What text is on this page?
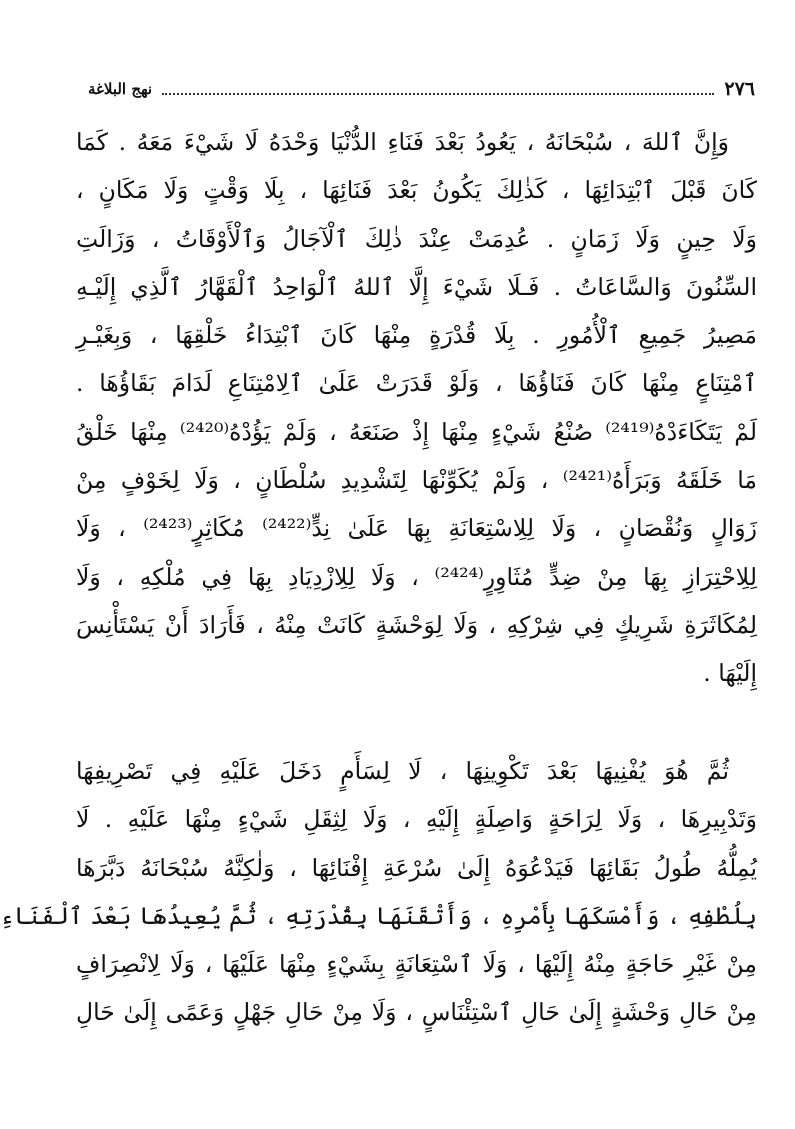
٢٧٦
نهج البلاغة
وَإِنَّ ٱللهَ ، سُبْحَانَهُ ، يَعُودُ بَعْدَ فَنَاءِ الدُّنْيَا وَحْدَهُ لَا شَيْءَ مَعَهُ . كَمَا
كَانَ قَبْلَ ٱبْتِدَائِهَا ، كَذٰلِكَ يَكُونُ بَعْدَ فَنَائِهَا ، بِلَا وَقْتٍ وَلَا مَكَانٍ ،
وَلَا حِينٍ وَلَا زَمَانٍ . عُدِمَتْ عِنْدَ ذٰلِكَ ٱلْآجَالُ وَٱلْأَوْقَاتُ ، وَزَالَتِ
السِّنُونَ وَالسَّاعَاتُ . فَـلَا شَيْءَ إِلَّا ٱللهُ ٱلْوَاحِدُ ٱلْقَهَّارُ ٱلَّذِي إِلَيْـهِ
مَصِيرُ جَمِيعِ ٱلْأُمُورِ . بِلَا قُدْرَةٍ مِنْهَا كَانَ ٱبْتِدَاءُ خَلْقِهَا ، وَبِغَيْـرِ
ٱمْتِنَاعٍ مِنْهَا كَانَ فَنَاؤُهَا ، وَلَوْ قَدَرَتْ عَلَىٰ ٱلِامْتِنَاعِ لَدَامَ بَقَاؤُهَا .
لَمْ يَتَكَاءَدْهُ⁽²⁴¹⁹⁾ صُنْعُ شَيْءٍ مِنْهَا إِذْ صَنَعَهُ ، وَلَمْ يَؤُدْهُ⁽²⁴²⁰⁾ مِنْهَا خَلْقُ
مَا خَلَقَهُ وَبَرَأَهُ⁽²⁴²¹⁾ ، وَلَمْ يُكَوِّنْهَا لِتَشْدِيدِ سُلْطَانٍ ، وَلَا لِخَوْفٍ مِنْ
زَوَالٍ وَنُقْصَانٍ ، وَلَا لِلِاسْتِعَانَةِ بِهَا عَلَىٰ نِدٍّ⁽²⁴²²⁾ مُكَاثِرٍ⁽²⁴²³⁾ ، وَلَا
لِلِاحْتِرَازِ بِهَا مِنْ ضِدٍّ مُثَاوِرٍ⁽²⁴²⁴⁾ ، وَلَا لِلِازْدِيَادِ بِهَا فِي مُلْكِهِ ، وَلَا
لِمُكَاثَرَةِ شَرِيكٍ فِي شِرْكِهِ ، وَلَا لِوَحْشَةٍ كَانَتْ مِنْهُ ، فَأَرَادَ أَنْ يَسْتَأْنِسَ
إِلَيْهَا .
ثُمَّ هُوَ يُفْنِيهَا بَعْدَ تَكْوِينِهَا ، لَا لِسَأَمٍ دَخَلَ عَلَيْهِ فِي تَصْرِيفِهَا
وَتَدْبِيرِهَا ، وَلَا لِرَاحَةٍ وَاصِلَةٍ إِلَيْهِ ، وَلَا لِثِقَلِ شَيْءٍ مِنْهَا عَلَيْهِ . لَا
يُمِلُّهُ طُولُ بَقَائِهَا فَيَدْعُوَهُ إِلَىٰ سُرْعَةِ إِفْنَائِهَا ، وَلٰكِنَّهُ سُبْحَانَهُ دَبَّرَهَا
بِلُطْفِهِ ، وَأَمْسَكَهَا بِأَمْرِهِ ، وَأَتْقَنَهَا بِقُدْرَتِهِ ، ثُمَّ يُعِيدُهَا بَعْدَ ٱلْفَنَاءِ
مِنْ غَيْرِ حَاجَةٍ مِنْهُ إِلَيْهَا ، وَلَا ٱسْتِعَانَةٍ بِشَيْءٍ مِنْهَا عَلَيْهَا ، وَلَا لِانْصِرَافٍ
مِنْ حَالِ وَحْشَةٍ إِلَىٰ حَالِ ٱسْتِئْنَاسٍ ، وَلَا مِنْ حَالِ جَهْلٍ وَعَمًى إِلَىٰ حَالِ
